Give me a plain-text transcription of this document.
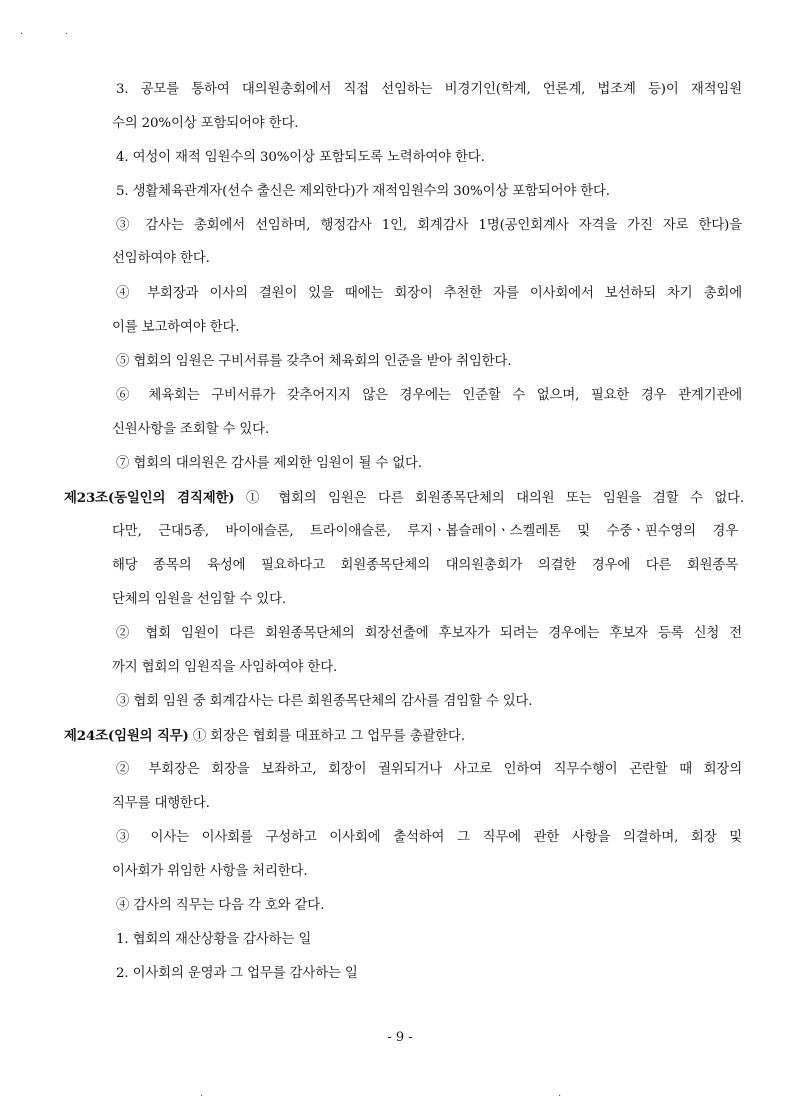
·	·
3. 공모를 통하여 대의원총회에서 직접 선임하는 비경기인(학계, 언론계, 법조계 등)이 재적임원
수의 20%이상 포함되어야 한다.
4. 여성이 재적 임원수의 30%이상 포함되도록 노력하여야 한다.
5. 생활체육관계자(선수 출신은 제외한다)가 재적임원수의 30%이상 포함되어야 한다.
③ 감사는 총회에서 선임하며, 행정감사 1인, 회계감사 1명(공인회계사 자격을 가진 자로 한다)을
선임하여야 한다.
④ 부회장과 이사의 결원이 있을 때에는 회장이 추천한 자를 이사회에서 보선하되 차기 총회에
이를 보고하여야 한다.
⑤ 협회의 임원은 구비서류를 갖추어 체육회의 인준을 받아 취임한다.
⑥ 체육회는 구비서류가 갖추어지지 않은 경우에는 인준할 수 없으며, 필요한 경우 관계기관에
신원사항을 조회할 수 있다.
⑦ 협회의 대의원은 감사를 제외한 임원이 될 수 없다.
제23조(동일인의 겸직제한) ① 협회의 임원은 다른 회원종목단체의 대의원 또는 임원을 겸할 수 없다.
다만, 근대5종, 바이애슬론, 트라이애슬론, 루지ㆍ봅슬레이ㆍ스켈레톤 및 수중ㆍ핀수영의 경우
해당 종목의 육성에 필요하다고 회원종목단체의 대의원총회가 의결한 경우에 다른 회원종목
단체의 임원을 선임할 수 있다.
② 협회 임원이 다른 회원종목단체의 회장선출에 후보자가 되려는 경우에는 후보자 등록 신청 전
까지 협회의 임원직을 사임하여야 한다.
③ 협회 임원 중 회계감사는 다른 회원종목단체의 감사를 겸임할 수 있다.
제24조(임원의 직무) ① 회장은 협회를 대표하고 그 업무를 총괄한다.
② 부회장은 회장을 보좌하고, 회장이 궐위되거나 사고로 인하여 직무수행이 곤란할 때 회장의
직무를 대행한다.
③ 이사는 이사회를 구성하고 이사회에 출석하여 그 직무에 관한 사항을 의결하며, 회장 및
이사회가 위임한 사항을 처리한다.
④ 감사의 직무는 다음 각 호와 같다.
1. 협회의 재산상황을 감사하는 일
2. 이사회의 운영과 그 업무를 감사하는 일
- 9 -
·	·
